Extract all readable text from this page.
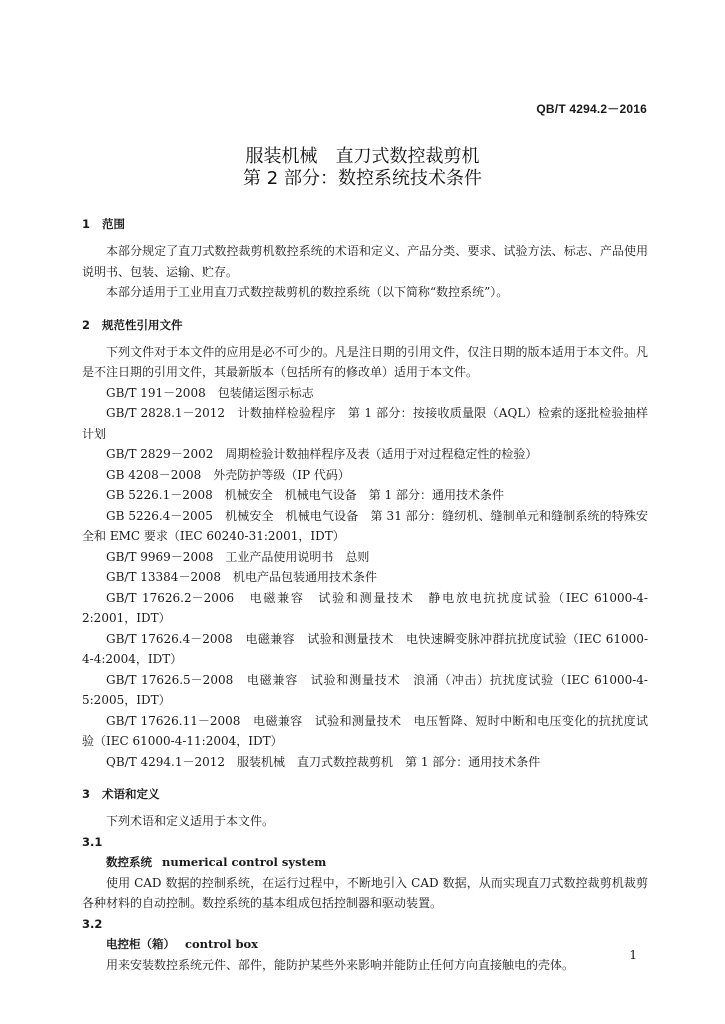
QB/T 4294.2－2016
服装机械　直刀式数控裁剪机
第 2 部分：数控系统技术条件
1 范围

本部分规定了直刀式数控裁剪机数控系统的术语和定义、产品分类、要求、试验方法、标志、产品使用说明书、包装、运输、贮存。

本部分适用于工业用直刀式数控裁剪机的数控系统（以下简称“数控系统”）。

2 规范性引用文件

下列文件对于本文件的应用是必不可少的。凡是注日期的引用文件，仅注日期的版本适用于本文件。凡是不注日期的引用文件，其最新版本（包括所有的修改单）适用于本文件。

GB/T 191－2008　包装储运图示标志
GB/T 2828.1－2012　计数抽样检验程序　第 1 部分：按接收质量限（AQL）检索的逐批检验抽样计划
GB/T 2829－2002　周期检验计数抽样程序及表（适用于对过程稳定性的检验）
GB 4208－2008　外壳防护等级（IP 代码）
GB 5226.1－2008　机械安全　机械电气设备　第 1 部分：通用技术条件
GB 5226.4－2005　机械安全　机械电气设备　第 31 部分：缝纫机、缝制单元和缝制系统的特殊安全和 EMC 要求（IEC 60240-31:2001，IDT）
GB/T 9969－2008　工业产品使用说明书　总则
GB/T 13384－2008　机电产品包装通用技术条件
GB/T 17626.2－2006　电磁兼容　试验和测量技术　静电放电抗扰度试验（IEC 61000-4-2:2001，IDT）
GB/T 17626.4－2008　电磁兼容　试验和测量技术　电快速瞬变脉冲群抗扰度试验（IEC 61000-4-4:2004，IDT）
GB/T 17626.5－2008　电磁兼容　试验和测量技术　浪涌（冲击）抗扰度试验（IEC 61000-4-5:2005，IDT）
GB/T 17626.11－2008　电磁兼容　试验和测量技术　电压暂降、短时中断和电压变化的抗扰度试验（IEC 61000-4-11:2004，IDT）
QB/T 4294.1－2012　服装机械　直刀式数控裁剪机　第 1 部分：通用技术条件
3 术语和定义

下列术语和定义适用于本文件。

3.1
数控系统 numerical control system

使用 CAD 数据的控制系统，在运行过程中，不断地引入 CAD 数据，从而实现直刀式数控裁剪机裁剪各种材料的自动控制。数控系统的基本组成包括控制器和驱动装置。

3.2
电控柜（箱） control box

用来安装数控系统元件、部件，能防护某些外来影响并能防止任何方向直接触电的壳体。

1
